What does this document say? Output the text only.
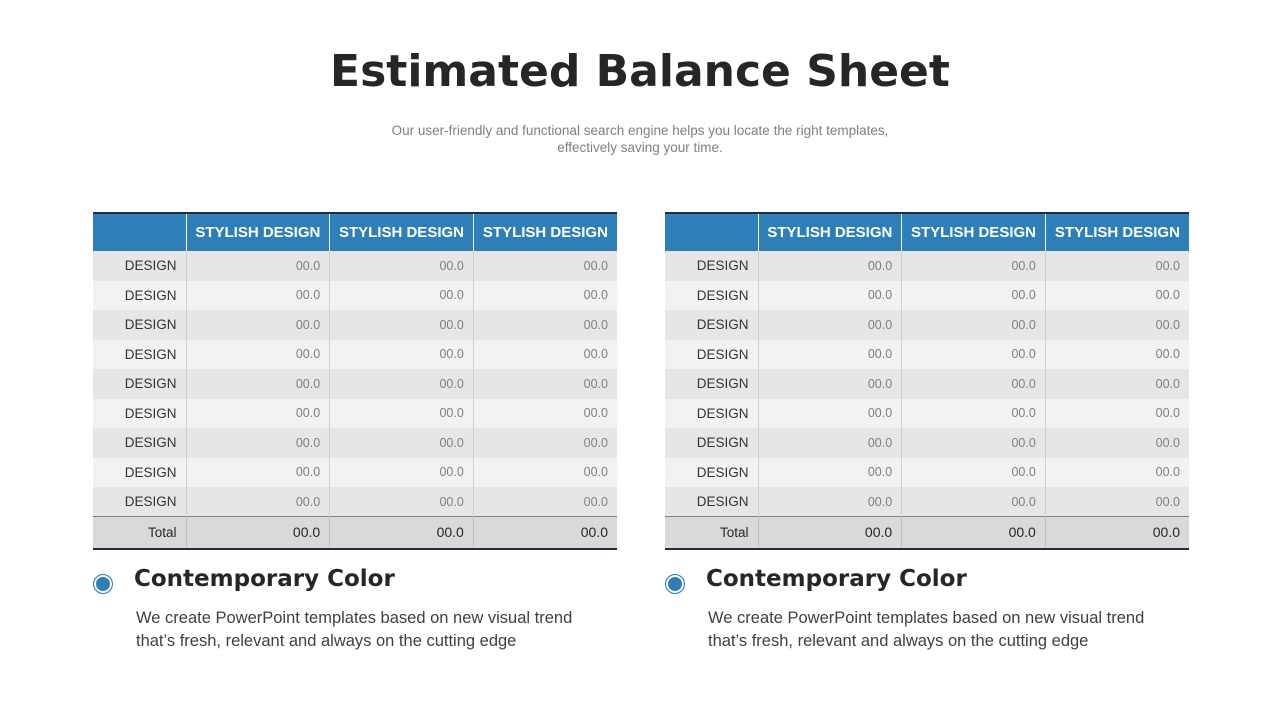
Estimated Balance Sheet
Our user-friendly and functional search engine helps you locate the right templates, effectively saving your time.
	STYLISH DESIGN	STYLISH DESIGN	STYLISH DESIGN
DESIGN	00.0	00.0	00.0
DESIGN	00.0	00.0	00.0
DESIGN	00.0	00.0	00.0
DESIGN	00.0	00.0	00.0
DESIGN	00.0	00.0	00.0
DESIGN	00.0	00.0	00.0
DESIGN	00.0	00.0	00.0
DESIGN	00.0	00.0	00.0
DESIGN	00.0	00.0	00.0
Total	00.0	00.0	00.0
	STYLISH DESIGN	STYLISH DESIGN	STYLISH DESIGN
DESIGN	00.0	00.0	00.0
DESIGN	00.0	00.0	00.0
DESIGN	00.0	00.0	00.0
DESIGN	00.0	00.0	00.0
DESIGN	00.0	00.0	00.0
DESIGN	00.0	00.0	00.0
DESIGN	00.0	00.0	00.0
DESIGN	00.0	00.0	00.0
DESIGN	00.0	00.0	00.0
Total	00.0	00.0	00.0
Contemporary Color
We create PowerPoint templates based on new visual trend that’s fresh, relevant and always on the cutting edge
Contemporary Color
We create PowerPoint templates based on new visual trend that’s fresh, relevant and always on the cutting edge
